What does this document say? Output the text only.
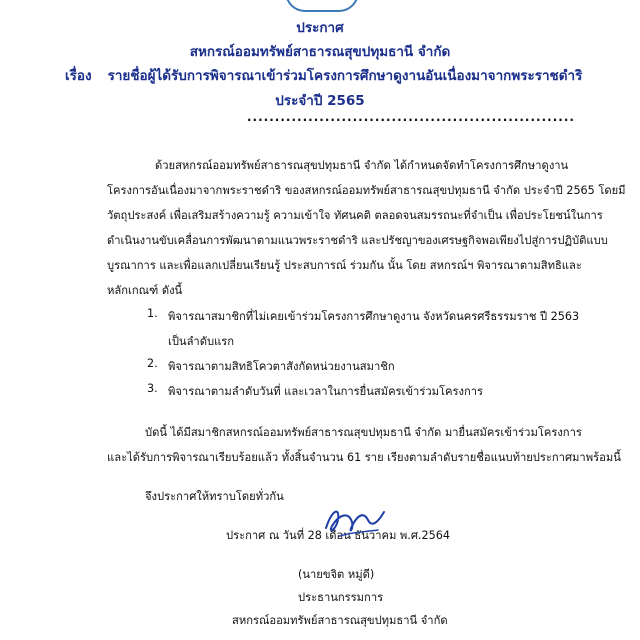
ประกาศ
สหกรณ์ออมทรัพย์สาธารณสุขปทุมธานี จำกัด
เรื่อง รายชื่อผู้ได้รับการพิจารณาเข้าร่วมโครงการศึกษาดูงานอันเนื่องมาจากพระราชดำริ
ประจำปี 2565
...........................................................
ด้วยสหกรณ์ออมทรัพย์สาธารณสุขปทุมธานี จำกัด ได้กำหนดจัดทำโครงการศึกษาดูงาน
โครงการอันเนื่องมาจากพระราชดำริ ของสหกรณ์ออมทรัพย์สาธารณสุขปทุมธานี จำกัด ประจำปี 2565 โดยมี
วัตถุประสงค์ เพื่อเสริมสร้างความรู้ ความเข้าใจ ทัศนคติ ตลอดจนสมรรถนะที่จำเป็น เพื่อประโยชน์ในการ
ดำเนินงานขับเคลื่อนการพัฒนาตามแนวพระราชดำริ และปรัชญาของเศรษฐกิจพอเพียงไปสู่การปฏิบัติแบบ
บูรณาการ และเพื่อแลกเปลี่ยนเรียนรู้ ประสบการณ์ ร่วมกัน นั้น โดย สหกรณ์ฯ พิจารณาตามสิทธิและ
หลักเกณฑ์ ดังนี้
1. พิจารณาสมาชิกที่ไม่เคยเข้าร่วมโครงการศึกษาดูงาน จังหวัดนครศรีธรรมราช ปี 2563
เป็นลำดับแรก
2. พิจารณาตามสิทธิโควตาสังกัดหน่วยงานสมาชิก
3. พิจารณาตามลำดับวันที่ และเวลาในการยื่นสมัครเข้าร่วมโครงการ
บัดนี้ ได้มีสมาชิกสหกรณ์ออมทรัพย์สาธารณสุขปทุมธานี จำกัด มายื่นสมัครเข้าร่วมโครงการ
และได้รับการพิจารณาเรียบร้อยแล้ว ทั้งสิ้นจำนวน 61 ราย เรียงตามลำดับรายชื่อแนบท้ายประกาศมาพร้อมนี้
จึงประกาศให้ทราบโดยทั่วกัน
ประกาศ ณ วันที่ 28 เดือน ธันวาคม พ.ศ.2564
(นายขจิต หมู่ดี)
ประธานกรรมการ
สหกรณ์ออมทรัพย์สาธารณสุขปทุมธานี จำกัด
